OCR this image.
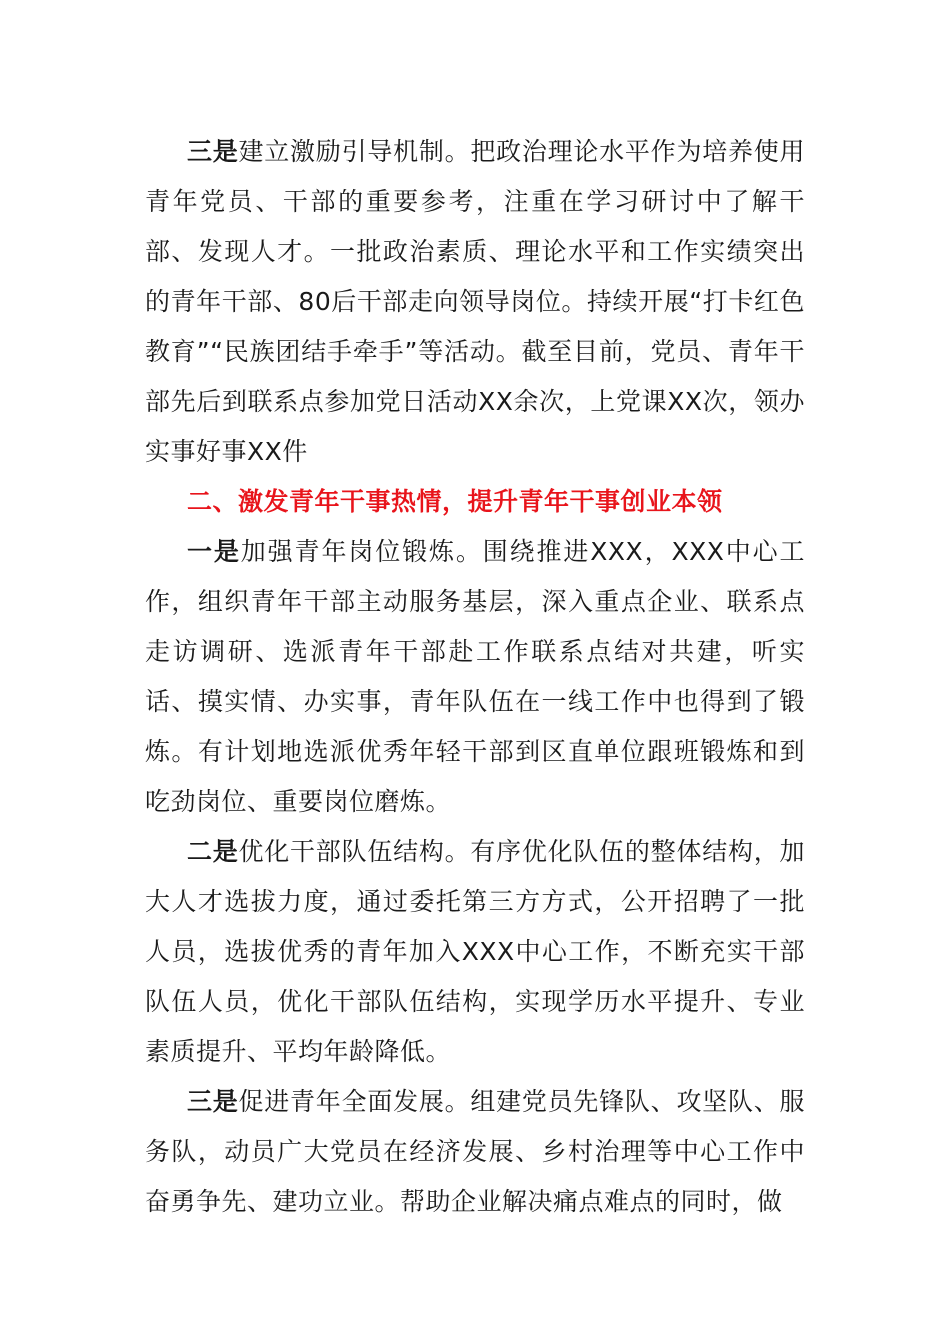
三是建立激励引导机制。把政治理论水平作为培养使用青年党员、干部的重要参考，注重在学习研讨中了解干部、发现人才。一批政治素质、理论水平和工作实绩突出的青年干部、80后干部走向领导岗位。持续开展“打卡红色教育”“民族团结手牵手”等活动。截至目前，党员、青年干部先后到联系点参加党日活动XX余次，上党课XX次，领办实事好事XX件

二、激发青年干事热情，提升青年干事创业本领

一是加强青年岗位锻炼。围绕推进XXX，XXX中心工作，组织青年干部主动服务基层，深入重点企业、联系点走访调研、选派青年干部赴工作联系点结对共建，听实话、摸实情、办实事，青年队伍在一线工作中也得到了锻炼。有计划地选派优秀年轻干部到区直单位跟班锻炼和到吃劲岗位、重要岗位磨炼。

二是优化干部队伍结构。有序优化队伍的整体结构，加大人才选拔力度，通过委托第三方方式，公开招聘了一批人员，选拔优秀的青年加入XXX中心工作，不断充实干部队伍人员，优化干部队伍结构，实现学历水平提升、专业素质提升、平均年龄降低。

三是促进青年全面发展。组建党员先锋队、攻坚队、服务队，动员广大党员在经济发展、乡村治理等中心工作中奋勇争先、建功立业。帮助企业解决痛点难点的同时，做
